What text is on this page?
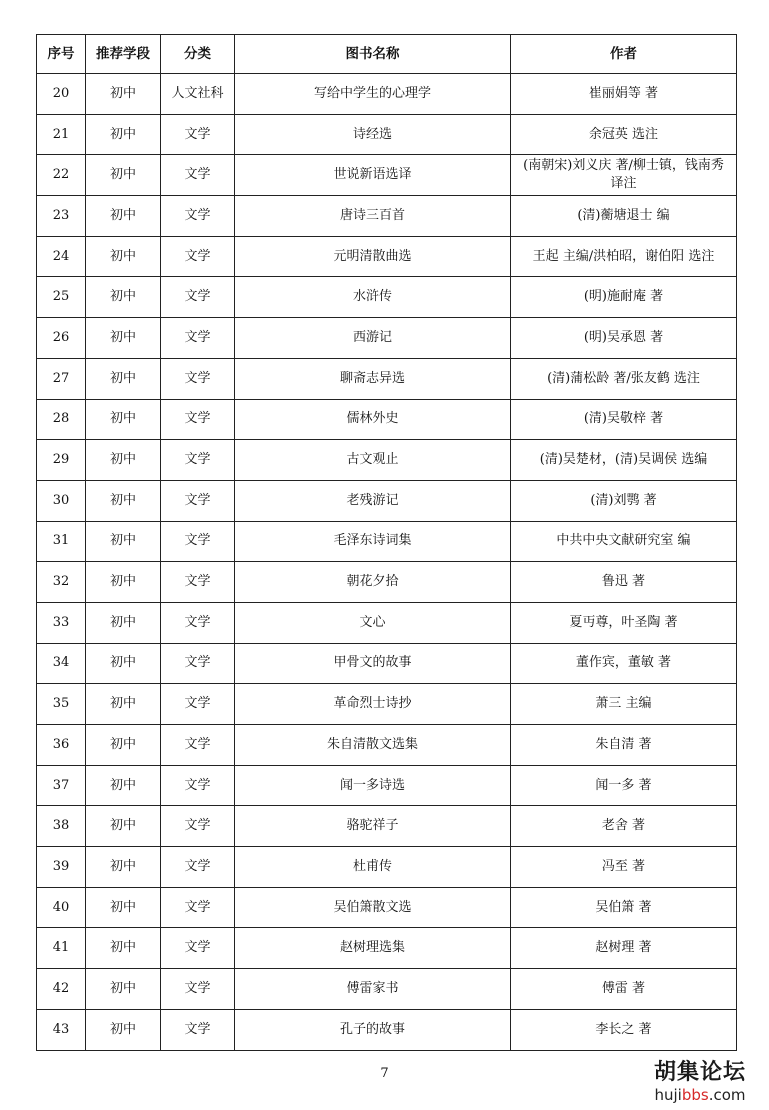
序号	推荐学段	分类	图书名称	作者
20	初中	人文社科	写给中学生的心理学	崔丽娟等 著
21	初中	文学	诗经选	余冠英 选注
22	初中	文学	世说新语选译	(南朝宋)刘义庆 著/柳士镇，钱南秀 译注
23	初中	文学	唐诗三百首	(清)蘅塘退士 编
24	初中	文学	元明清散曲选	王起 主编/洪柏昭，谢伯阳 选注
25	初中	文学	水浒传	(明)施耐庵 著
26	初中	文学	西游记	(明)吴承恩 著
27	初中	文学	聊斋志异选	(清)蒲松龄 著/张友鹤 选注
28	初中	文学	儒林外史	(清)吴敬梓 著
29	初中	文学	古文观止	(清)吴楚材，(清)吴调侯 选编
30	初中	文学	老残游记	(清)刘鹗 著
31	初中	文学	毛泽东诗词集	中共中央文献研究室 编
32	初中	文学	朝花夕拾	鲁迅 著
33	初中	文学	文心	夏丏尊，叶圣陶 著
34	初中	文学	甲骨文的故事	董作宾，董敏 著
35	初中	文学	革命烈士诗抄	萧三 主编
36	初中	文学	朱自清散文选集	朱自清 著
37	初中	文学	闻一多诗选	闻一多 著
38	初中	文学	骆驼祥子	老舍 著
39	初中	文学	杜甫传	冯至 著
40	初中	文学	吴伯箫散文选	吴伯箫 著
41	初中	文学	赵树理选集	赵树理 著
42	初中	文学	傅雷家书	傅雷 著
43	初中	文学	孔子的故事	李长之 著
7	胡集论坛
hujibbs.com
